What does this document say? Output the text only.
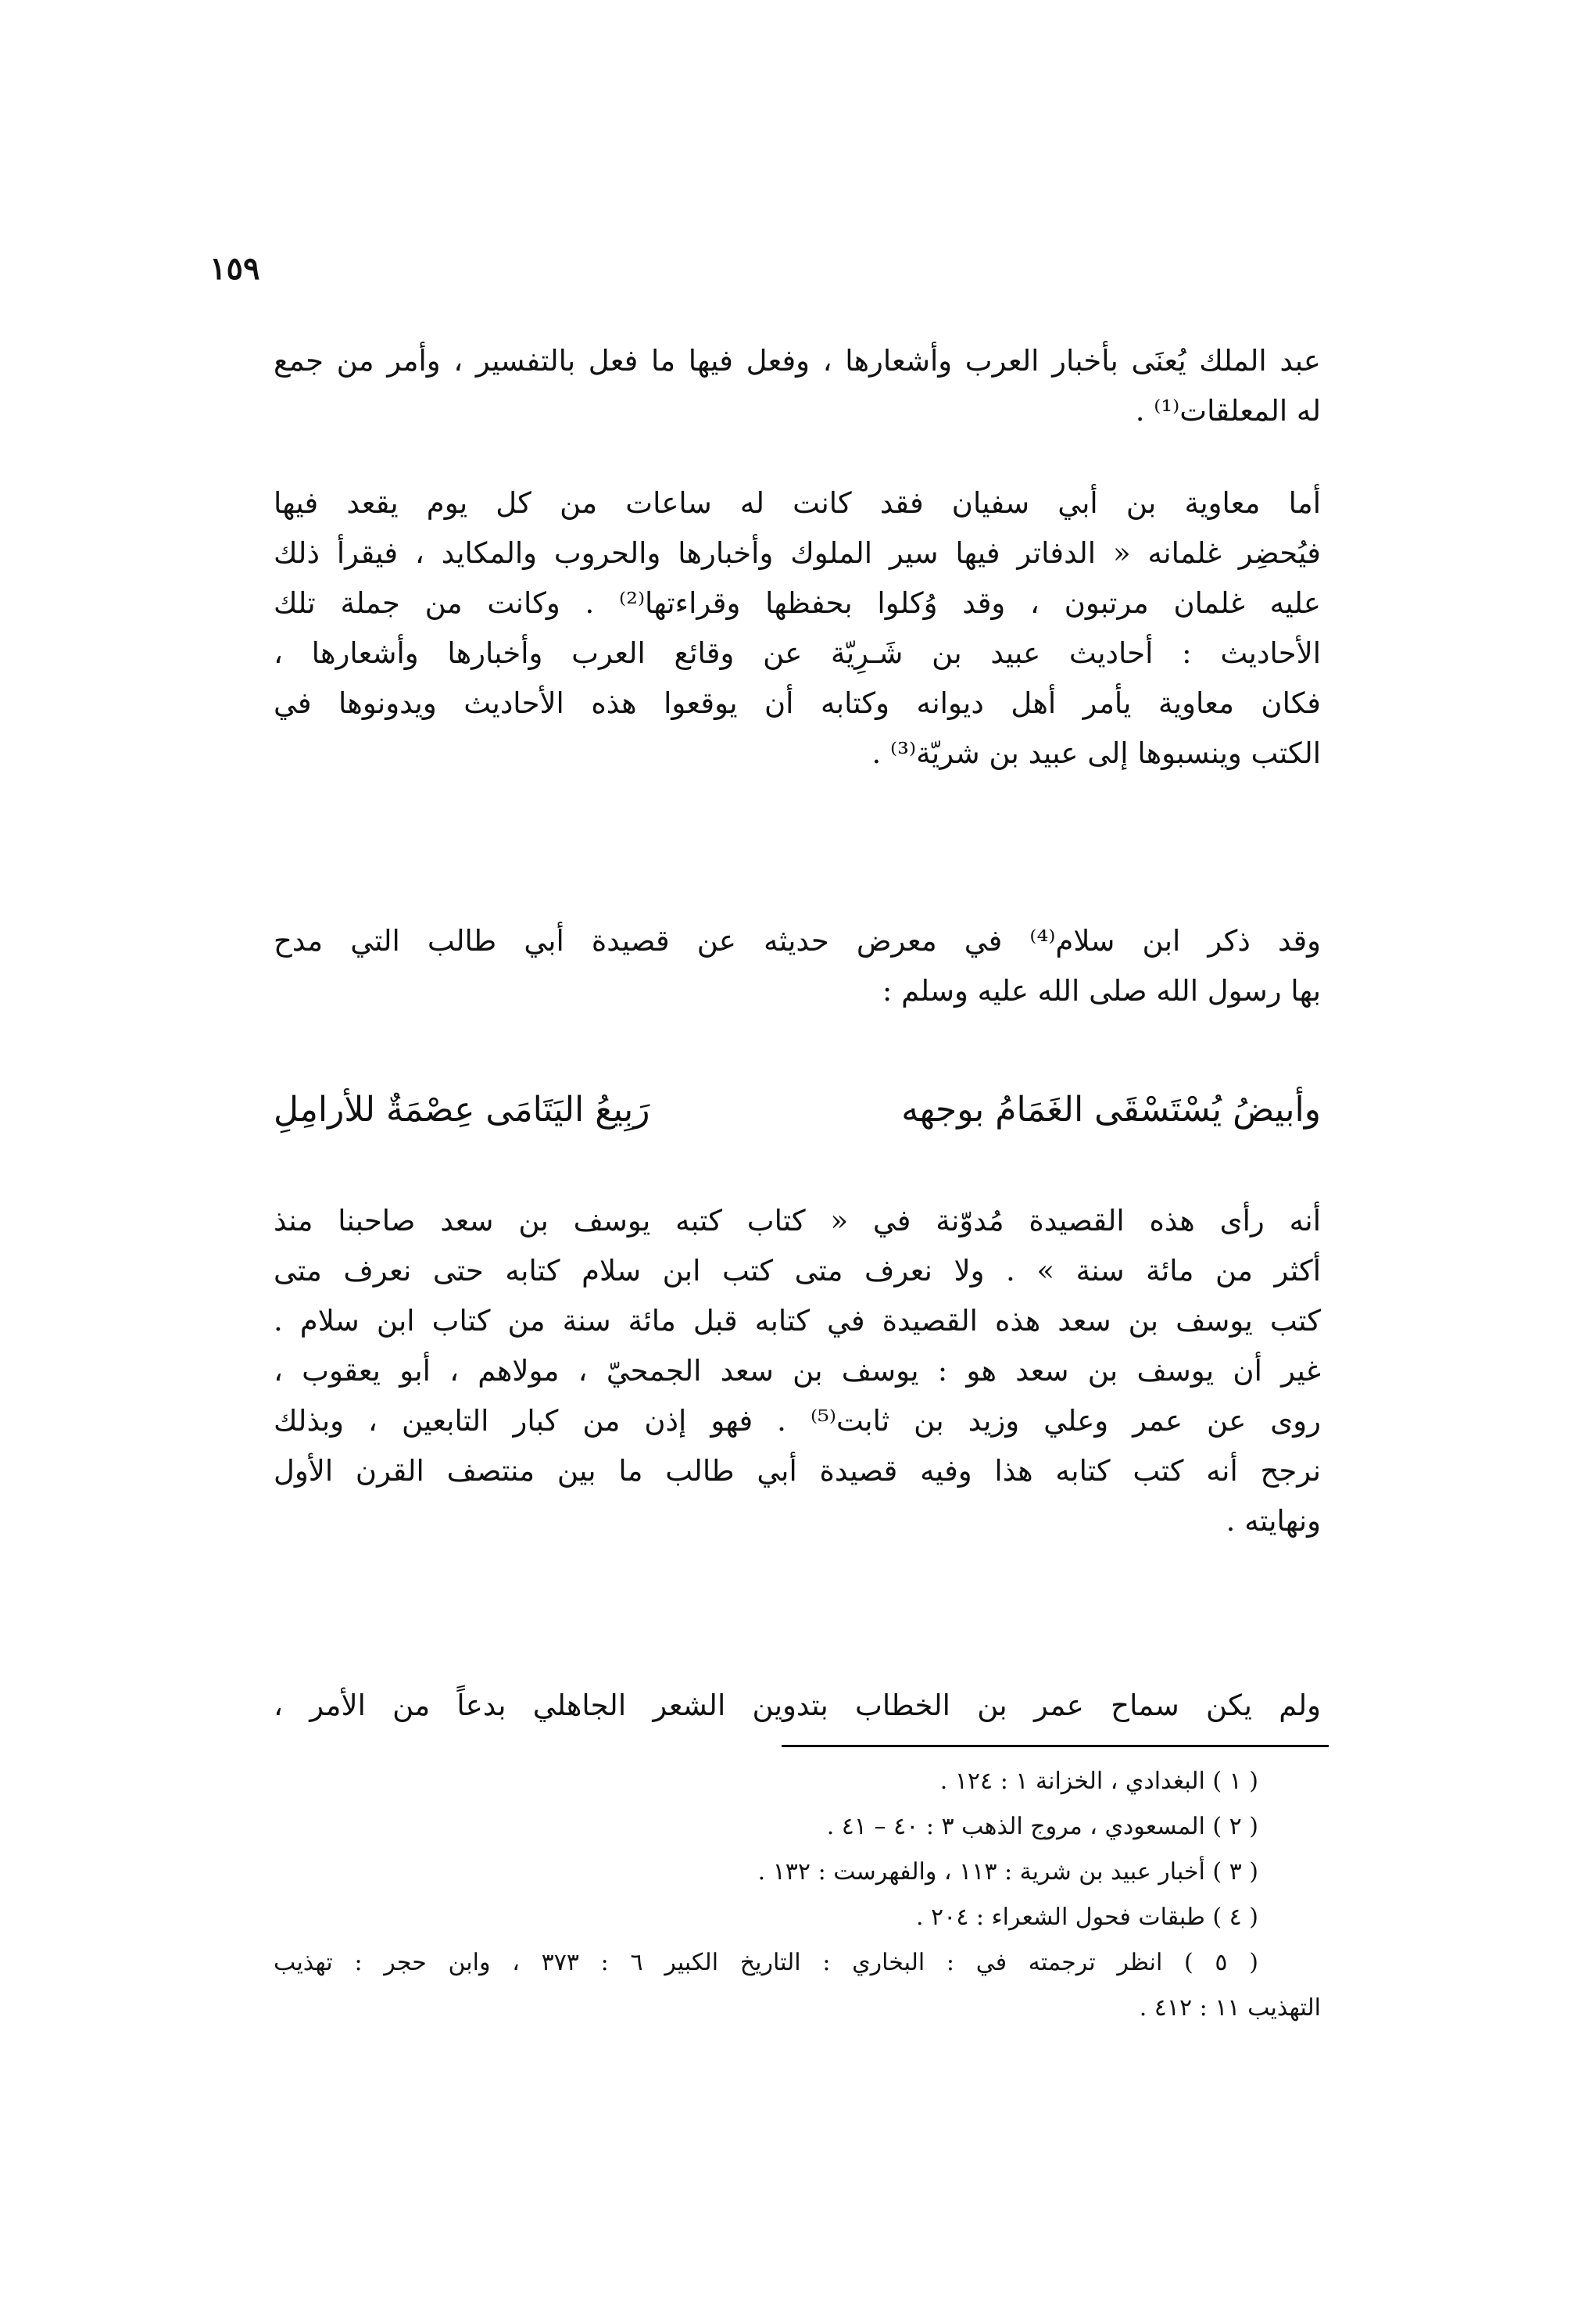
١٥٩
عبد الملك يُعنَى بأخبار العرب وأشعارها ، وفعل فيها ما فعل بالتفسير ، وأمر من جمع
له المعلقات⁽¹⁾ .
أما معاوية بن أبي سفيان فقد كانت له ساعات من كل يوم يقعد فيها
فيُحضِر غلمانه « الدفاتر فيها سير الملوك وأخبارها والحروب والمكايد ، فيقرأ ذلك
عليه غلمان مرتبون ، وقد وُكلوا بحفظها وقراءتها⁽²⁾ . وكانت من جملة تلك
الأحاديث : أحاديث عبيد بن شَـرِيّة عن وقائع العرب وأخبارها وأشعارها ،
فكان معاوية يأمر أهل ديوانه وكتابه أن يوقعوا هذه الأحاديث ويدونوها في
الكتب وينسبوها إلى عبيد بن شريّة⁽³⁾ .
وقد ذكر ابن سلام⁽⁴⁾ في معرض حديثه عن قصيدة أبي طالب التي مدح
بها رسول الله صلى الله عليه وسلم :
وأبيضُ يُسْتَسْقَى الغَمَامُ بوجهه
رَبِيعُ اليَتَامَى عِصْمَةٌ للأرامِلِ
أنه رأى هذه القصيدة مُدوّنة في « كتاب كتبه يوسف بن سعد صاحبنا منذ
أكثر من مائة سنة » . ولا نعرف متى كتب ابن سلام كتابه حتى نعرف متى
كتب يوسف بن سعد هذه القصيدة في كتابه قبل مائة سنة من كتاب ابن سلام .
غير أن يوسف بن سعد هو : يوسف بن سعد الجمحيّ ، مولاهم ، أبو يعقوب ،
روى عن عمر وعلي وزيد بن ثابت⁽⁵⁾ . فهو إذن من كبار التابعين ، وبذلك
نرجح أنه كتب كتابه هذا وفيه قصيدة أبي طالب ما بين منتصف القرن الأول
ونهايته .
ولم يكن سماح عمر بن الخطاب بتدوين الشعر الجاهلي بدعاً من الأمر ،
( ١ ) البغدادي ، الخزانة ١ : ١٢٤ .
( ٢ ) المسعودي ، مروج الذهب ٣ : ٤٠ – ٤١ .
( ٣ ) أخبار عبيد بن شرية : ١١٣ ، والفهرست : ١٣٢ .
( ٤ ) طبقات فحول الشعراء : ٢٠٤ .
( ٥ ) انظر ترجمته في : البخاري : التاريخ الكبير ٦ : ٣٧٣ ، وابن حجر : تهذيب
التهذيب ١١ : ٤١٢ .
